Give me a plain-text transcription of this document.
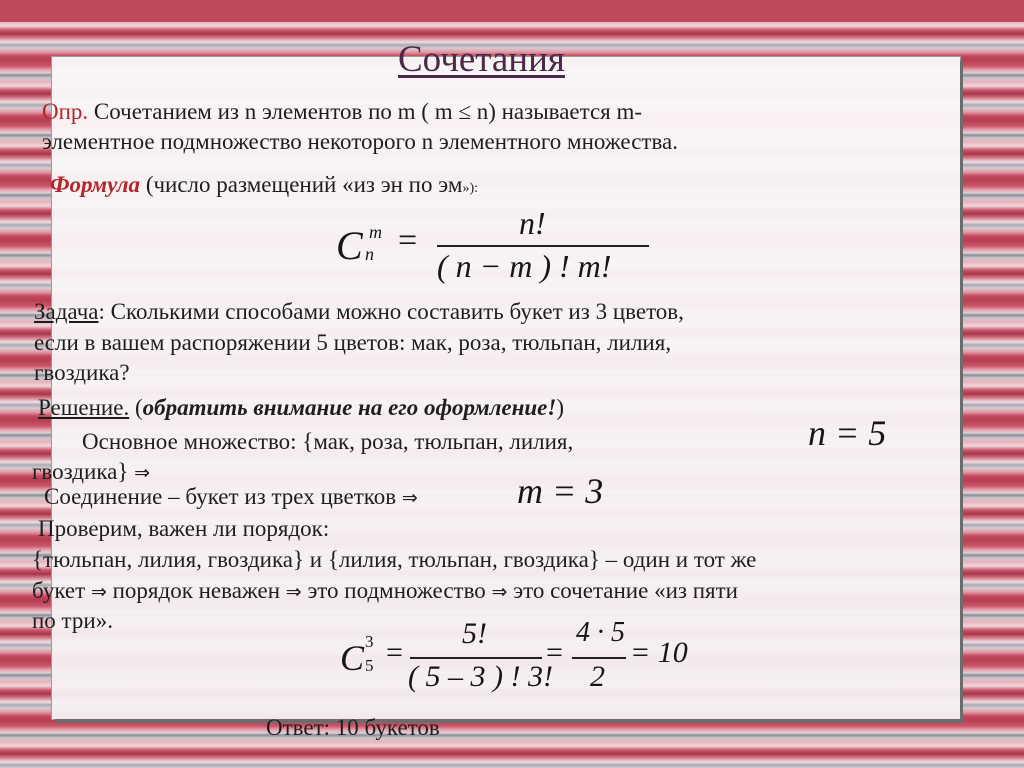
Сочетания
Опр. Сочетанием из n элементов по m ( m ≤ n) называется m-
элементное подмножество некоторого n элементного множества.
Формула (число размещений «из эн по эм»):
C m
n =	n!
( n − m ) ! m!
Задача: Сколькими способами можно составить букет из 3 цветов,
если в вашем распоряжении 5 цветов: мак, роза, тюльпан, лилия,
гвоздика?
Решение. (обратить внимание на его оформление!)
Основное множество: {мак, роза, тюльпан, лилия,	n = 5
гвоздика} ⇒
Соединение – букет из трех цветков ⇒	m = 3
Проверим, важен ли порядок:
{тюльпан, лилия, гвоздика} и {лилия, тюльпан, гвоздика} – один и тот же
букет ⇒ порядок неважен ⇒ это подмножество ⇒ это сочетание «из пяти
по три».
C 3
5 =
5!
( 5 – 3 ) ! 3!
=
4 · 5
2
= 10
Ответ: 10 букетов
